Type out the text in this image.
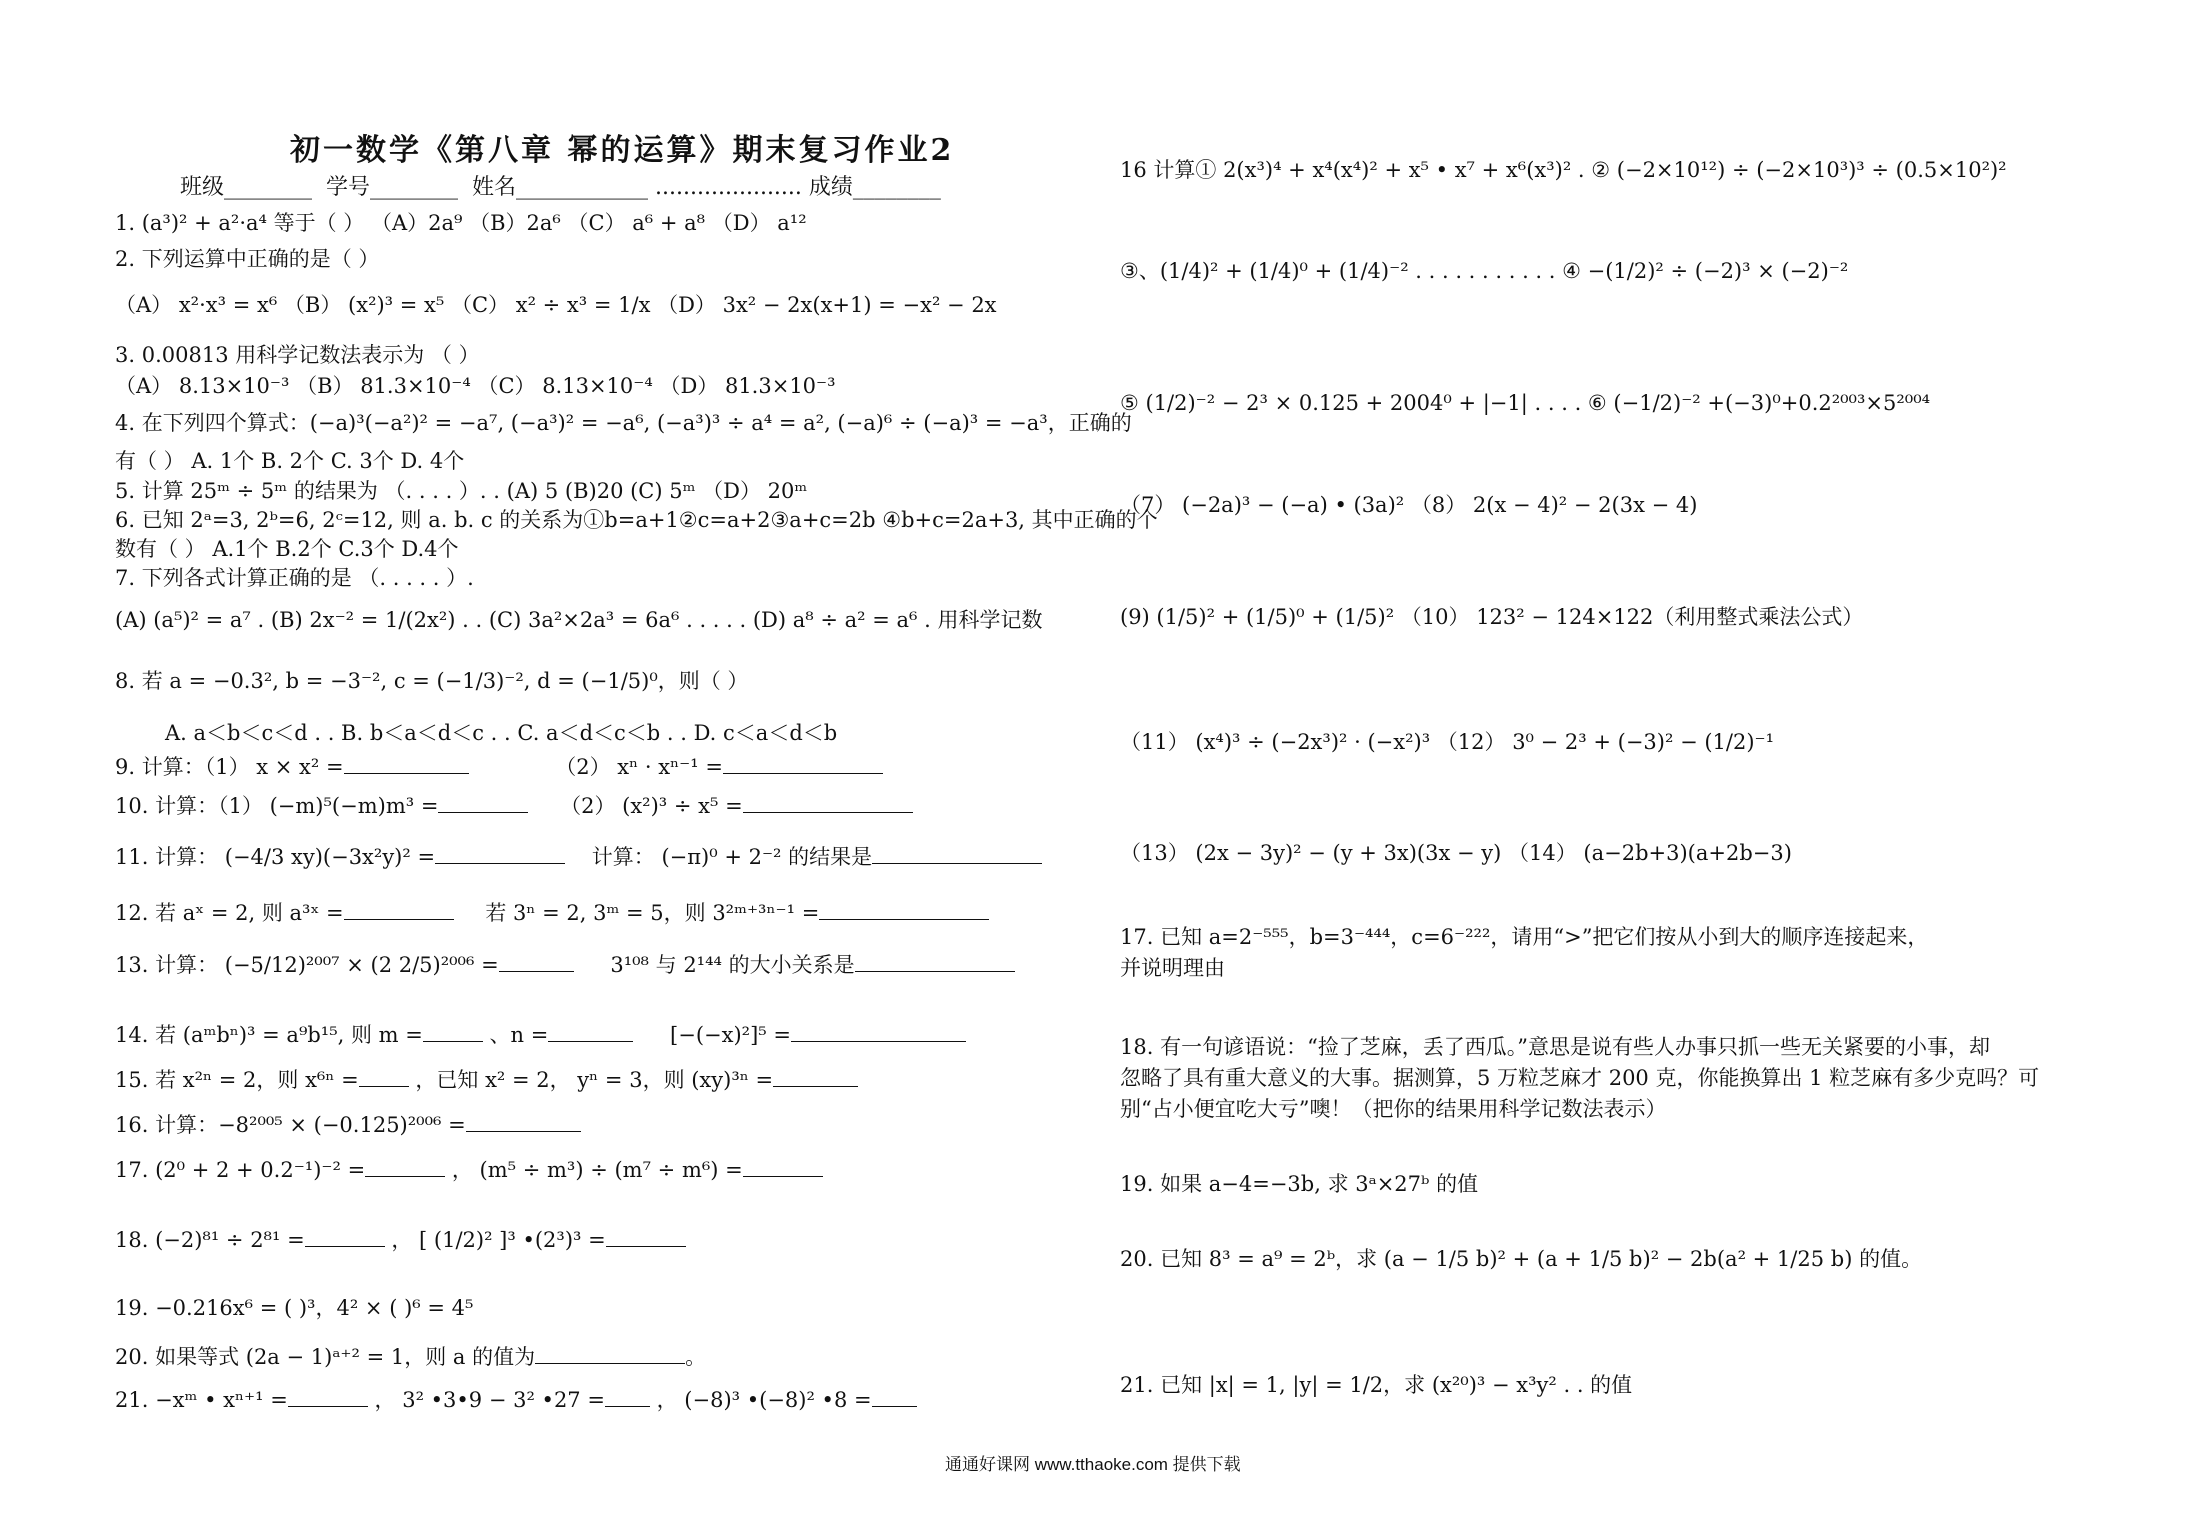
初一数学《第八章 幂的运算》期末复习作业2
班级________ 学号________ 姓名____________ ..................... 成绩________
1. (a³)² + a²·a⁴ 等于（ ） （A）2a⁹ （B）2a⁶ （C） a⁶ + a⁸ （D） a¹²
2. 下列运算中正确的是（ ）
（A） x²·x³ = x⁶ （B） (x²)³ = x⁵ （C） x² ÷ x³ = 1/x （D） 3x² − 2x(x+1) = −x² − 2x
3. 0.00813 用科学记数法表示为 （ ）
（A） 8.13×10⁻³ （B） 81.3×10⁻⁴ （C） 8.13×10⁻⁴ （D） 81.3×10⁻³
4. 在下列四个算式：(−a)³(−a²)² = −a⁷, (−a³)² = −a⁶, (−a³)³ ÷ a⁴ = a², (−a)⁶ ÷ (−a)³ = −a³，正确的
有（ ） A. 1个 B. 2个 C. 3个 D. 4个
5. 计算 25ᵐ ÷ 5ᵐ 的结果为 （. . . . ）. . (A) 5 (B)20 (C) 5ᵐ （D） 20ᵐ
6. 已知 2ᵃ=3, 2ᵇ=6, 2ᶜ=12, 则 a. b. c 的关系为①b=a+1②c=a+2③a+c=2b ④b+c=2a+3, 其中正确的个
数有（ ） A.1个 B.2个 C.3个 D.4个
7. 下列各式计算正确的是 （. . . . . ）.
(A) (a⁵)² = a⁷ . (B) 2x⁻² = 1/(2x²) . . (C) 3a²×2a³ = 6a⁶ . . . . . (D) a⁸ ÷ a² = a⁶ . 用科学记数
8. 若 a = −0.3², b = −3⁻², c = (−1/3)⁻², d = (−1/5)⁰，则（ ）
A. a＜b＜c＜d . . B. b＜a＜d＜c . . C. a＜d＜c＜b . . D. c＜a＜d＜b
9. 计算：（1） x × x² =	（2） xⁿ · xⁿ⁻¹ =
10. 计算：（1） (−m)⁵(−m)m³ =	（2） (x²)³ ÷ x⁵ =
11. 计算： (−4/3 xy)(−3x²y)² =	计算： (−π)⁰ + 2⁻² 的结果是
12. 若 aˣ = 2, 则 a³ˣ =	若 3ⁿ = 2, 3ᵐ = 5，则 3²ᵐ⁺³ⁿ⁻¹ =
13. 计算： (−5/12)²⁰⁰⁷ × (2 2/5)²⁰⁰⁶ =	3¹⁰⁸ 与 2¹⁴⁴ 的大小关系是
14. 若 (aᵐbⁿ)³ = a⁹b¹⁵, 则 m =	、n =	[−(−x)²]⁵ =
15. 若 x²ⁿ = 2，则 x⁶ⁿ =	，已知 x² = 2， yⁿ = 3，则 (xy)³ⁿ =
16. 计算：−8²⁰⁰⁵ × (−0.125)²⁰⁰⁶ =
17. (2⁰ + 2 + 0.2⁻¹)⁻² =	， (m⁵ ÷ m³) ÷ (m⁷ ÷ m⁶) =
18. (−2)⁸¹ ÷ 2⁸¹ =	， [ (1/2)² ]³ •(2³)³ =
19. −0.216x⁶ = ( )³，4² × ( )⁶ = 4⁵
20. 如果等式 (2a − 1)ᵃ⁺² = 1，则 a 的值为	。
21. −xᵐ • xⁿ⁺¹ =	， 3² •3•9 − 3² •27 = ， (−8)³ •(−8)² •8 =
16 计算① 2(x³)⁴ + x⁴(x⁴)² + x⁵ • x⁷ + x⁶(x³)² . ② (−2×10¹²) ÷ (−2×10³)³ ÷ (0.5×10²)²
③、(1/4)² + (1/4)⁰ + (1/4)⁻² . . . . . . . . . . . ④ −(1/2)² ÷ (−2)³ × (−2)⁻²
⑤ (1/2)⁻² − 2³ × 0.125 + 2004⁰ + |−1| . . . . ⑥ (−1/2)⁻² +(−3)⁰+0.2²⁰⁰³×5²⁰⁰⁴
（7） (−2a)³ − (−a) • (3a)² （8） 2(x − 4)² − 2(3x − 4)
(9) (1/5)² + (1/5)⁰ + (1/5)² （10） 123² − 124×122（利用整式乘法公式）
（11） (x⁴)³ ÷ (−2x³)² · (−x²)³ （12） 3⁰ − 2³ + (−3)² − (1/2)⁻¹
（13） (2x − 3y)² − (y + 3x)(3x − y) （14） (a−2b+3)(a+2b−3)
17. 已知 a=2⁻⁵⁵⁵，b=3⁻⁴⁴⁴，c=6⁻²²²，请用“>”把它们按从小到大的顺序连接起来，
并说明理由
18. 有一句谚语说：“捡了芝麻，丢了西瓜。”意思是说有些人办事只抓一些无关紧要的小事，却
忽略了具有重大意义的大事。据测算，5 万粒芝麻才 200 克，你能换算出 1 粒芝麻有多少克吗？可
别“占小便宜吃大亏”噢！（把你的结果用科学记数法表示）
19. 如果 a−4=−3b, 求 3ᵃ×27ᵇ 的值
20. 已知 8³ = a⁹ = 2ᵇ，求 (a − 1/5 b)² + (a + 1/5 b)² − 2b(a² + 1/25 b) 的值。
21. 已知 |x| = 1, |y| = 1/2，求 (x²⁰)³ − x³y² . . 的值
通通好课网 www.tthaoke.com 提供下载
